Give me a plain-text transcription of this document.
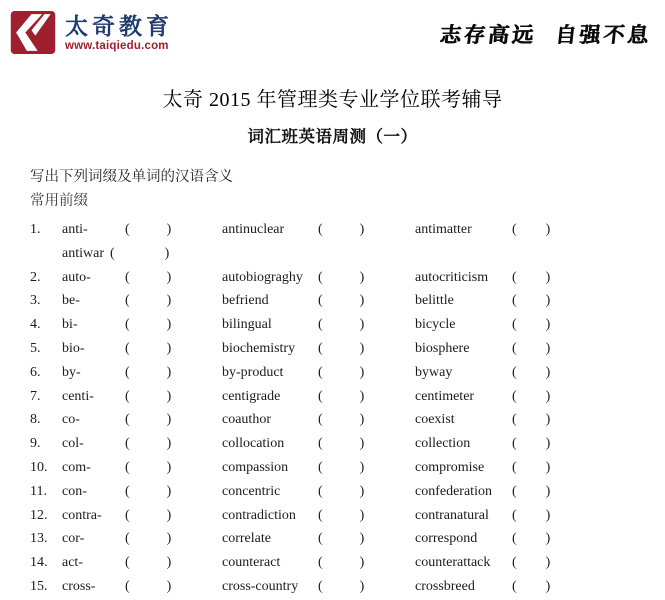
太奇教育
www.taiqiedu.com	志存高远 自强不息
太奇 2015 年管理类专业学位联考辅导
词汇班英语周测（一）
写出下列词缀及单词的汉语含义
常用前缀
1.	anti-	(	)	antinuclear	(	)	antimatter	( )
antiwar (	)
2.	auto-	(	)	autobiograghy	(	)	autocriticism	( )
3.	be-	(	)	befriend	(	)	belittle	( )
4.	bi-	(	)	bilingual	(	)	bicycle	( )
5.	bio-	(	)	biochemistry	(	)	biosphere	( )
6.	by-	(	)	by-product	(	)	byway	( )
7.	centi-	(	)	centigrade	(	)	centimeter	( )
8.	co-	(	)	coauthor	(	)	coexist	( )
9.	col-	(	)	collocation	(	)	collection	( )
10.	com-	(	)	compassion	(	)	compromise	( )
11.	con-	(	)	concentric	(	)	confederation	( )
12.	contra-	(	)	contradiction	(	)	contranatural	( )
13.	cor-	(	)	correlate	(	)	correspond	( )
14.	act-	(	)	counteract	(	)	counterattack	( )
15.	cross-	(	)	cross-country	(	)	crossbreed	( )
